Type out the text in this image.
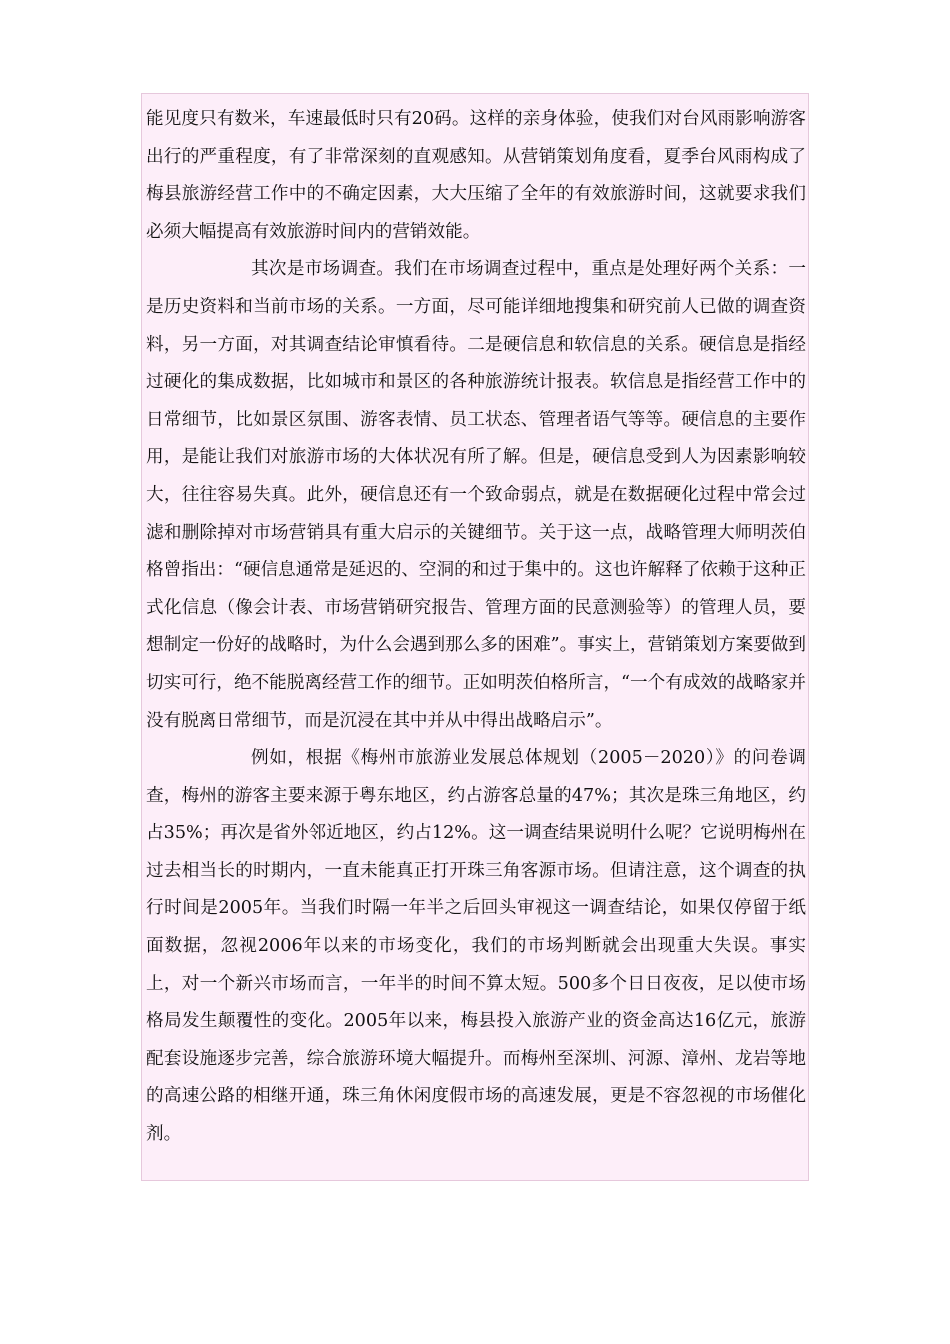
能见度只有数米，车速最低时只有20码。这样的亲身体验，使我们对台风雨影响游客出行的严重程度，有了非常深刻的直观感知。从营销策划角度看，夏季台风雨构成了梅县旅游经营工作中的不确定因素，大大压缩了全年的有效旅游时间，这就要求我们必须大幅提高有效旅游时间内的营销效能。

其次是市场调查。我们在市场调查过程中，重点是处理好两个关系：一是历史资料和当前市场的关系。一方面，尽可能详细地搜集和研究前人已做的调查资料，另一方面，对其调查结论审慎看待。二是硬信息和软信息的关系。硬信息是指经过硬化的集成数据，比如城市和景区的各种旅游统计报表。软信息是指经营工作中的日常细节，比如景区氛围、游客表情、员工状态、管理者语气等等。硬信息的主要作用，是能让我们对旅游市场的大体状况有所了解。但是，硬信息受到人为因素影响较大，往往容易失真。此外，硬信息还有一个致命弱点，就是在数据硬化过程中常会过滤和删除掉对市场营销具有重大启示的关键细节。关于这一点，战略管理大师明茨伯格曾指出：“硬信息通常是延迟的、空洞的和过于集中的。这也许解释了依赖于这种正式化信息（像会计表、市场营销研究报告、管理方面的民意测验等）的管理人员，要想制定一份好的战略时，为什么会遇到那么多的困难”。事实上，营销策划方案要做到切实可行，绝不能脱离经营工作的细节。正如明茨伯格所言，“一个有成效的战略家并没有脱离日常细节，而是沉浸在其中并从中得出战略启示”。

例如，根据《梅州市旅游业发展总体规划（2005－2020）》的问卷调查，梅州的游客主要来源于粤东地区，约占游客总量的47%；其次是珠三角地区，约占35%；再次是省外邻近地区，约占12%。这一调查结果说明什么呢？它说明梅州在过去相当长的时期内，一直未能真正打开珠三角客源市场。但请注意，这个调查的执行时间是2005年。当我们时隔一年半之后回头审视这一调查结论，如果仅停留于纸面数据，忽视2006年以来的市场变化，我们的市场判断就会出现重大失误。事实上，对一个新兴市场而言，一年半的时间不算太短。500多个日日夜夜，足以使市场格局发生颠覆性的变化。2005年以来，梅县投入旅游产业的资金高达16亿元，旅游配套设施逐步完善，综合旅游环境大幅提升。而梅州至深圳、河源、漳州、龙岩等地的高速公路的相继开通，珠三角休闲度假市场的高速发展，更是不容忽视的市场催化剂。
